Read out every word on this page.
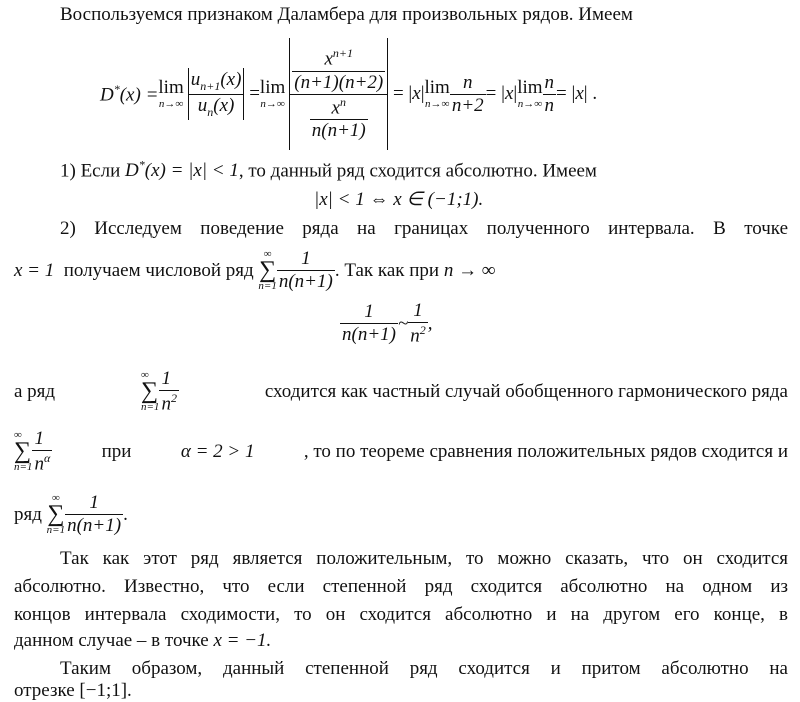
Воспользуемся признаком Даламбера для произвольных рядов. Имеем
D*(x) = lim
$n\to\infty \frac{u_{n+1}(x)}{u_n(x)} = \lim$
$n\to\infty \frac{\frac{x^{n+1}}{(n+1)(n+2)}}{\frac{x^n}{n(n+1)}} = |x|$ lim
$n\to\infty \frac{n}{n+2} = |x|$ lim
$n\to\infty \frac{n}{n} = |x|$ .
1) Если D*(x) = |x| < 1, то данный ряд сходится абсолютно. Имеем
|x| < 1 ⇔ x ∈ (−1;1).
2) Исследуем поведение ряда на границах полученного интервала. В точке
x = 1
получаем числовой ряд

∞
∑
$n=1 \frac{1}{n(n+1)}$ . Так как при
n → ∞
$\frac{1}{n(n+1)}$ ~ $\frac{1}{n^2}$ ,
а ряд
∞
∑
$n=1 \frac{1}{n^2}$	сходится как частный случай обобщенного гармонического ряда
∞
∑
$n=1 \frac{1}{n^\alpha}$	при	α = 2 > 1	, то по теореме сравнения положительных рядов сходится и
ряд

∞
∑
$n=1 \frac{1}{n(n+1)}$ .
Так как этот ряд является положительным, то можно сказать, что он сходится
абсолютно. Известно, что если степенной ряд сходится абсолютно на одном из
концов интервала сходимости, то он сходится абсолютно и на другом его конце, в
данном случае – в точке x = −1.
Таким образом, данный степенной ряд сходится и притом абсолютно на
отрезке [−1;1].
